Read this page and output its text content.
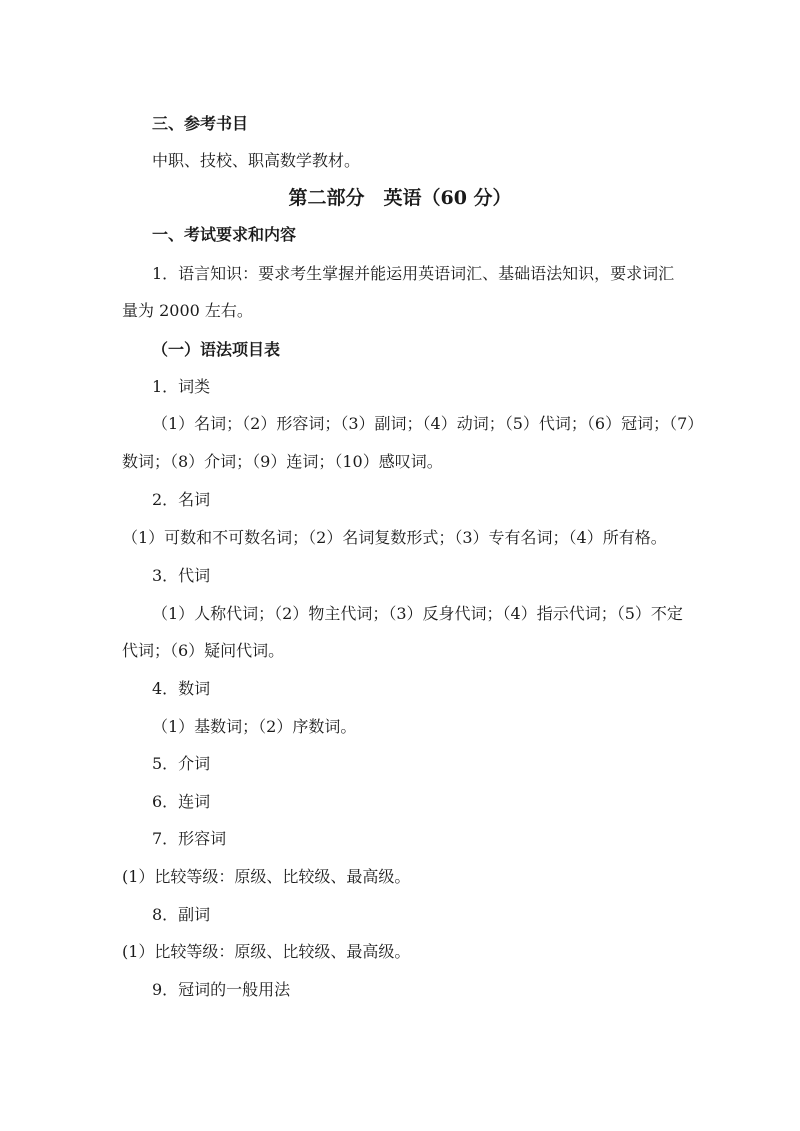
三、参考书目

中职、技校、职高数学教材。

第二部分　英语（60 分）

一、考试要求和内容

1．语言知识：要求考生掌握并能运用英语词汇、基础语法知识，要求词汇

量为 2000 左右。

（一）语法项目表

1．词类

（1）名词；（2）形容词；（3）副词；（4）动词；（5）代词；（6）冠词；（7）

数词；（8）介词；（9）连词；（10）感叹词。

2．名词

（1）可数和不可数名词；（2）名词复数形式；（3）专有名词；（4）所有格。

3．代词

（1）人称代词；（2）物主代词；（3）反身代词；（4）指示代词；（5）不定

代词；（6）疑问代词。

4．数词

（1）基数词；（2）序数词。

5．介词

6．连词

7．形容词

(1）比较等级：原级、比较级、最高级。

8．副词

(1）比较等级：原级、比较级、最高级。

9．冠词的一般用法
